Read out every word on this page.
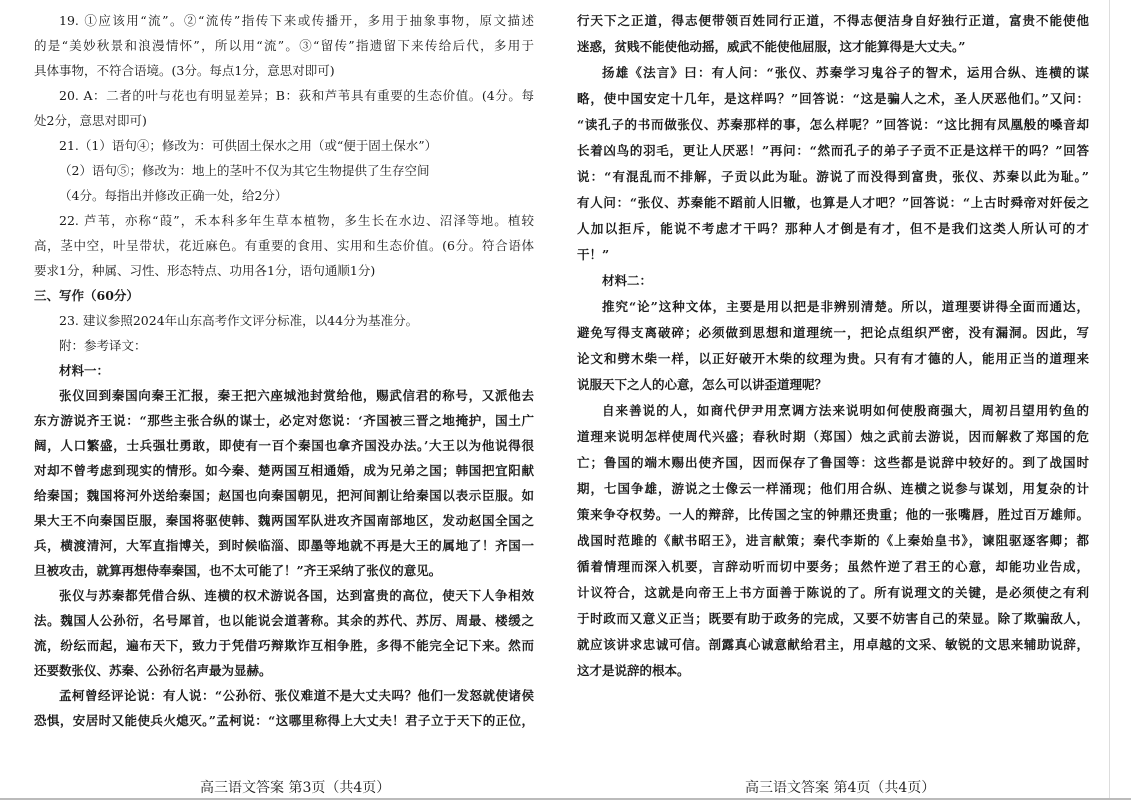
19. ①应该用“流”。②“流传”指传下来或传播开，多用于抽象事物，原文描述
的是“美妙秋景和浪漫情怀”，所以用“流”。③“留传”指遗留下来传给后代，多用于
具体事物，不符合语境。(3分。每点1分，意思对即可)
20. A：二者的叶与花也有明显差异；B：荻和芦苇具有重要的生态价值。(4分。每
处2分，意思对即可)
21.（1）语句④；修改为：可供固土保水之用（或“便于固土保水”）
（2）语句⑤；修改为：地上的茎叶不仅为其它生物提供了生存空间
（4分。每指出并修改正确一处，给2分）
22. 芦苇，亦称“葭”，禾本科多年生草本植物，多生长在水边、沼泽等地。植较
高，茎中空，叶呈带状，花近麻色。有重要的食用、实用和生态价值。(6分。符合语体
要求1分，种属、习性、形态特点、功用各1分，语句通顺1分)
三、写作（60分）
23. 建议参照2024年山东高考作文评分标准，以44分为基准分。
附：参考译文：
材料一：
张仪回到秦国向秦王汇报，秦王把六座城池封赏给他，赐武信君的称号，又派他去
东方游说齐王说：“那些主张合纵的谋士，必定对您说：‘齐国被三晋之地掩护，国土广
阔，人口繁盛，士兵强壮勇敢，即使有一百个秦国也拿齐国没办法。’大王以为他说得很
对却不曾考虑到现实的情形。如今秦、楚两国互相通婚，成为兄弟之国；韩国把宜阳献
给秦国；魏国将河外送给秦国；赵国也向秦国朝见，把河间割让给秦国以表示臣服。如
果大王不向秦国臣服，秦国将驱使韩、魏两国军队进攻齐国南部地区，发动赵国全国之
兵，横渡清河，大军直指博关，到时候临淄、即墨等地就不再是大王的属地了！齐国一
旦被攻击，就算再想侍奉秦国，也不太可能了！”齐王采纳了张仪的意见。
张仪与苏秦都凭借合纵、连横的权术游说各国，达到富贵的高位，使天下人争相效
法。魏国人公孙衍，名号犀首，也以能说会道著称。其余的苏代、苏厉、周最、楼缓之
流，纷纭而起，遍布天下，致力于凭借巧辩欺诈互相争胜，多得不能完全记下来。然而
还要数张仪、苏秦、公孙衍名声最为显赫。
孟柯曾经评论说：有人说：“公孙衍、张仪难道不是大丈夫吗？他们一发怒就使诸侯
恐惧，安居时又能使兵火熄灭。”孟柯说：“这哪里称得上大丈夫！君子立于天下的正位，
行天下之正道，得志便带领百姓同行正道，不得志便洁身自好独行正道，富贵不能使他
迷惑，贫贱不能使他动摇，威武不能使他屈服，这才能算得是大丈夫。”
扬雄《法言》曰：有人问：“张仪、苏秦学习鬼谷子的智术，运用合纵、连横的谋
略，使中国安定十几年，是这样吗？”回答说：“这是骗人之术，圣人厌恶他们。”又问：
“读孔子的书而做张仪、苏秦那样的事，怎么样呢？”回答说：“这比拥有凤凰般的嗓音却
长着凶鸟的羽毛，更让人厌恶！”再问：“然而孔子的弟子子贡不正是这样干的吗？”回答
说：“有混乱而不排解，子贡以此为耻。游说了而没得到富贵，张仪、苏秦以此为耻。”
有人问：“张仪、苏秦能不蹈前人旧辙，也算是人才吧？”回答说：“上古时舜帝对奸佞之
人加以拒斥，能说不考虑才干吗？那种人才倒是有才，但不是我们这类人所认可的才
干！”
材料二：
推究“论”这种文体，主要是用以把是非辨别清楚。所以，道理要讲得全面而通达，
避免写得支离破碎；必须做到思想和道理统一，把论点组织严密，没有漏洞。因此，写
论文和劈木柴一样，以正好破开木柴的纹理为贵。只有有才德的人，能用正当的道理来
说服天下之人的心意，怎么可以讲歪道理呢？
自来善说的人，如商代伊尹用烹调方法来说明如何使殷商强大，周初吕望用钓鱼的
道理来说明怎样使周代兴盛；春秋时期（郑国）烛之武前去游说，因而解救了郑国的危
亡；鲁国的端木赐出使齐国，因而保存了鲁国等：这些都是说辞中较好的。到了战国时
期，七国争雄，游说之士像云一样涌现；他们用合纵、连横之说参与谋划，用复杂的计
策来争夺权势。一人的辩辞，比传国之宝的钟鼎还贵重；他的一张嘴唇，胜过百万雄师。
战国时范雎的《献书昭王》，进言献策；秦代李斯的《上秦始皇书》，谏阻驱逐客卿；都
循着情理而深入机要，言辞动听而切中要务；虽然忤逆了君王的心意，却能功业告成，
计议符合，这就是向帝王上书方面善于陈说的了。所有说理文的关键，是必须使之有利
于时政而又意义正当；既要有助于政务的完成，又要不妨害自己的荣显。除了欺骗敌人，
就应该讲求忠诚可信。剖露真心诚意献给君主，用卓越的文采、敏锐的文思来辅助说辞，
这才是说辞的根本。
高三语文答案 第3页（共4页）	高三语文答案 第4页（共4页）
